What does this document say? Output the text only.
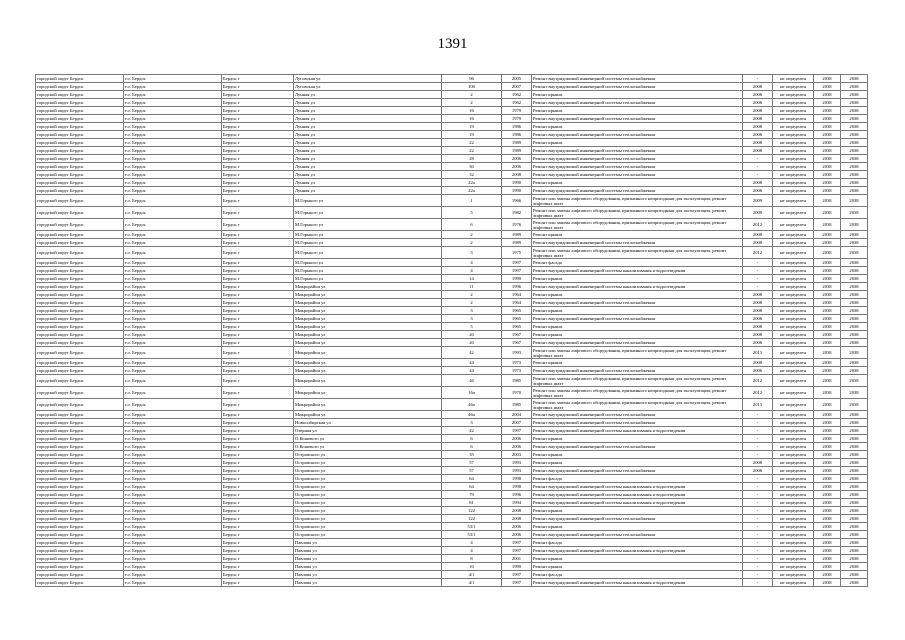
1391
городской округ Бердск	г.о. Бердск	Бердск г	Луговская ул	96	2005	Ремонт внутридомовой инженерной системы теплоснабжения	-	не определен	2038	2038
городской округ Бердск	г.о. Бердск	Бердск г	Луговская ул	100	2007	Ремонт внутридомовой инженерной системы теплоснабжения	2008	не определен	2038	2038
городской округ Бердск	г.о. Бердск	Бердск г	Лунная ул	2	1962	Ремонт крыши	2006	не определен	2038	2038
городской округ Бердск	г.о. Бердск	Бердск г	Лунная ул	2	1962	Ремонт внутридомовой инженерной системы теплоснабжения	2006	не определен	2038	2038
городской округ Бердск	г.о. Бердск	Бердск г	Лунная ул	16	1979	Ремонт крыши	2008	не определен	2038	2038
городской округ Бердск	г.о. Бердск	Бердск г	Лунная ул	16	1979	Ремонт внутридомовой инженерной системы теплоснабжения	2008	не определен	2038	2038
городской округ Бердск	г.о. Бердск	Бердск г	Лунная ул	19	1986	Ремонт крыши	2008	не определен	2038	2038
городской округ Бердск	г.о. Бердск	Бердск г	Лунная ул	19	1986	Ремонт внутридомовой инженерной системы теплоснабжения	2006	не определен	2038	2038
городской округ Бердск	г.о. Бердск	Бердск г	Лунная ул	22	1989	Ремонт крыши	2008	не определен	2038	2038
городской округ Бердск	г.о. Бердск	Бердск г	Лунная ул	22	1989	Ремонт внутридомовой инженерной системы теплоснабжения	2008	не определен	2038	2038
городской округ Бердск	г.о. Бердск	Бердск г	Лунная ул	28	2006	Ремонт внутридомовой инженерной системы теплоснабжения	-	не определен	2038	2038
городской округ Бердск	г.о. Бердск	Бердск г	Лунная ул	30	2006	Ремонт внутридомовой инженерной системы теплоснабжения	-	не определен	2038	2038
городской округ Бердск	г.о. Бердск	Бердск г	Лунная ул	32	2008	Ремонт внутридомовой инженерной системы теплоснабжения	-	не определен	2038	2038
городской округ Бердск	г.о. Бердск	Бердск г	Лунная ул	22а	1990	Ремонт крыши	2008	не определен	2038	2038
городской округ Бердск	г.о. Бердск	Бердск г	Лунная ул	22а	1990	Ремонт внутридомовой инженерной системы теплоснабжения	2006	не определен	2038	2038
городской округ Бердск	г.о. Бердск	Бердск г	М.Горького ул	1	1966	Ремонт или замена лифтового оборудования, признанного непригодным для эксплуатации, ремонт лифтовых шахт	2009	не определен	2038	2038
городской округ Бердск	г.о. Бердск	Бердск г	М.Горького ул	5	1982	Ремонт или замена лифтового оборудования, признанного непригодным для эксплуатации, ремонт лифтовых шахт	2009	не определен	2038	2038
городской округ Бердск	г.о. Бердск	Бердск г	М.Горького ул	6	1976	Ремонт или замена лифтового оборудования, признанного непригодным для эксплуатации, ремонт лифтовых шахт	2012	не определен	2038	2038
городской округ Бердск	г.о. Бердск	Бердск г	М.Горького ул	2	1989	Ремонт крыши	2008	не определен	2038	2038
городской округ Бердск	г.о. Бердск	Бердск г	М.Горького ул	2	1989	Ремонт внутридомовой инженерной системы теплоснабжения	2008	не определен	2038	2038
городской округ Бердск	г.о. Бердск	Бердск г	М.Горького ул	3	1975	Ремонт или замена лифтового оборудования, признанного непригодным для эксплуатации, ремонт лифтовых шахт	2012	не определен	2038	2038
городской округ Бердск	г.о. Бердск	Бердск г	М.Горького ул	4	1997	Ремонт фасада	-	не определен	2038	2038
городской округ Бердск	г.о. Бердск	Бердск г	М.Горького ул	4	1997	Ремонт внутридомовой инженерной системы канализования и водоотведения	-	не определен	2038	2038
городской округ Бердск	г.о. Бердск	Бердск г	М.Горького ул	14	1999	Ремонт крыши	-	не определен	2038	2038
городской округ Бердск	г.о. Бердск	Бердск г	Микрорайон ул	11	1996	Ремонт внутридомовой инженерной системы канализования и водоотведения	-	не определен	2038	2038
городской округ Бердск	г.о. Бердск	Бердск г	Микрорайон ул	2	1964	Ремонт крыши	2008	не определен	2038	2038
городской округ Бердск	г.о. Бердск	Бердск г	Микрорайон ул	2	1964	Ремонт внутридомовой инженерной системы теплоснабжения	2008	не определен	2038	2038
городской округ Бердск	г.о. Бердск	Бердск г	Микрорайон ул	3	1965	Ремонт крыши	2008	не определен	2038	2038
городской округ Бердск	г.о. Бердск	Бердск г	Микрорайон ул	3	1965	Ремонт внутридомовой инженерной системы теплоснабжения	2006	не определен	2038	2038
городской округ Бердск	г.о. Бердск	Бердск г	Микрорайон ул	5	1965	Ремонт крыши	2008	не определен	2038	2038
городской округ Бердск	г.о. Бердск	Бердск г	Микрорайон ул	20	1967	Ремонт крыши	2008	не определен	2038	2038
городской округ Бердск	г.о. Бердск	Бердск г	Микрорайон ул	20	1967	Ремонт внутридомовой инженерной системы теплоснабжения	2006	не определен	2038	2038
городской округ Бердск	г.о. Бердск	Бердск г	Микрорайон ул	42	1993	Ремонт или замена лифтового оборудования, признанного непригодным для эксплуатации, ремонт лифтовых шахт	2013	не определен	2038	2038
городской округ Бердск	г.о. Бердск	Бердск г	Микрорайон ул	44	1973	Ремонт крыши	2008	не определен	2038	2038
городской округ Бердск	г.о. Бердск	Бердск г	Микрорайон ул	44	1973	Ремонт внутридомовой инженерной системы теплоснабжения	2006	не определен	2038	2038
городской округ Бердск	г.о. Бердск	Бердск г	Микрорайон ул	46	1985	Ремонт или замена лифтового оборудования, признанного непригодным для эксплуатации, ремонт лифтовых шахт	2012	не определен	2038	2038
городской округ Бердск	г.о. Бердск	Бердск г	Микрорайон ул	16а	1970	Ремонт или замена лифтового оборудования, признанного непригодным для эксплуатации, ремонт лифтовых шахт	2012	не определен	2038	2038
городской округ Бердск	г.о. Бердск	Бердск г	Микрорайон ул	46а	1985	Ремонт или замена лифтового оборудования, признанного непригодным для эксплуатации, ремонт лифтовых шахт	2013	не определен	2038	2038
городской округ Бердск	г.о. Бердск	Бердск г	Микрорайон ул	46а	2004	Ремонт внутридомовой инженерной системы теплоснабжения	-	не определен	2038	2038
городской округ Бердск	г.о. Бердск	Бердск г	Новосибирская ул	3	2007	Ремонт внутридомовой инженерной системы теплоснабжения	-	не определен	2038	2038
городской округ Бердск	г.о. Бердск	Бердск г	Озерная ул	42	1997	Ремонт внутридомовой инженерной системы канализования и водоотведения	-	не определен	2038	2038
городской округ Бердск	г.о. Бердск	Бердск г	О.Кошевого ул	6	2006	Ремонт крыши	-	не определен	2038	2038
городской округ Бердск	г.о. Бердск	Бердск г	О.Кошевого ул	6	2006	Ремонт внутридомовой инженерной системы теплоснабжения	-	не определен	2038	2038
городской округ Бердск	г.о. Бердск	Бердск г	Островского ул	35	2003	Ремонт крыши	-	не определен	2038	2038
городской округ Бердск	г.о. Бердск	Бердск г	Островского ул	57	1993	Ремонт крыши	2008	не определен	2038	2038
городской округ Бердск	г.о. Бердск	Бердск г	Островского ул	57	1993	Ремонт внутридомовой инженерной системы теплоснабжения	2006	не определен	2038	2038
городской округ Бердск	г.о. Бердск	Бердск г	Островского ул	64	1998	Ремонт фасада	-	не определен	2038	2038
городской округ Бердск	г.о. Бердск	Бердск г	Островского ул	64	1998	Ремонт внутридомовой инженерной системы канализования и водоотведения	-	не определен	2038	2038
городской округ Бердск	г.о. Бердск	Бердск г	Островского ул	79	1996	Ремонт внутридомовой инженерной системы канализования и водоотведения	-	не определен	2038	2038
городской округ Бердск	г.о. Бердск	Бердск г	Островского ул	81	1994	Ремонт внутридомовой инженерной системы канализования и водоотведения	-	не определен	2038	2038
городской округ Бердск	г.о. Бердск	Бердск г	Островского ул	122	2008	Ремонт крыши	-	не определен	2038	2038
городской округ Бердск	г.о. Бердск	Бердск г	Островского ул	122	2008	Ремонт внутридомовой инженерной системы теплоснабжения	-	не определен	2038	2038
городской округ Бердск	г.о. Бердск	Бердск г	Островского ул	53/1	2006	Ремонт крыши	-	не определен	2038	2038
городской округ Бердск	г.о. Бердск	Бердск г	Островского ул	53/1	2006	Ремонт внутридомовой инженерной системы теплоснабжения	-	не определен	2038	2038
городской округ Бердск	г.о. Бердск	Бердск г	Павлова ул	4	1997	Ремонт фасада	-	не определен	2038	2038
городской округ Бердск	г.о. Бердск	Бердск г	Павлова ул	4	1997	Ремонт внутридомовой инженерной системы канализования и водоотведения	-	не определен	2038	2038
городской округ Бердск	г.о. Бердск	Бердск г	Павлова ул	8	2001	Ремонт крыши	-	не определен	2038	2038
городской округ Бердск	г.о. Бердск	Бердск г	Павлова ул	10	1999	Ремонт крыши	-	не определен	2038	2038
городской округ Бердск	г.о. Бердск	Бердск г	Павлова ул	4/1	1997	Ремонт фасада	-	не определен	2038	2038
городской округ Бердск	г.о. Бердск	Бердск г	Павлова ул	4/1	1997	Ремонт внутридомовой инженерной системы канализования и водоотведения	-	не определен	2038	2038
